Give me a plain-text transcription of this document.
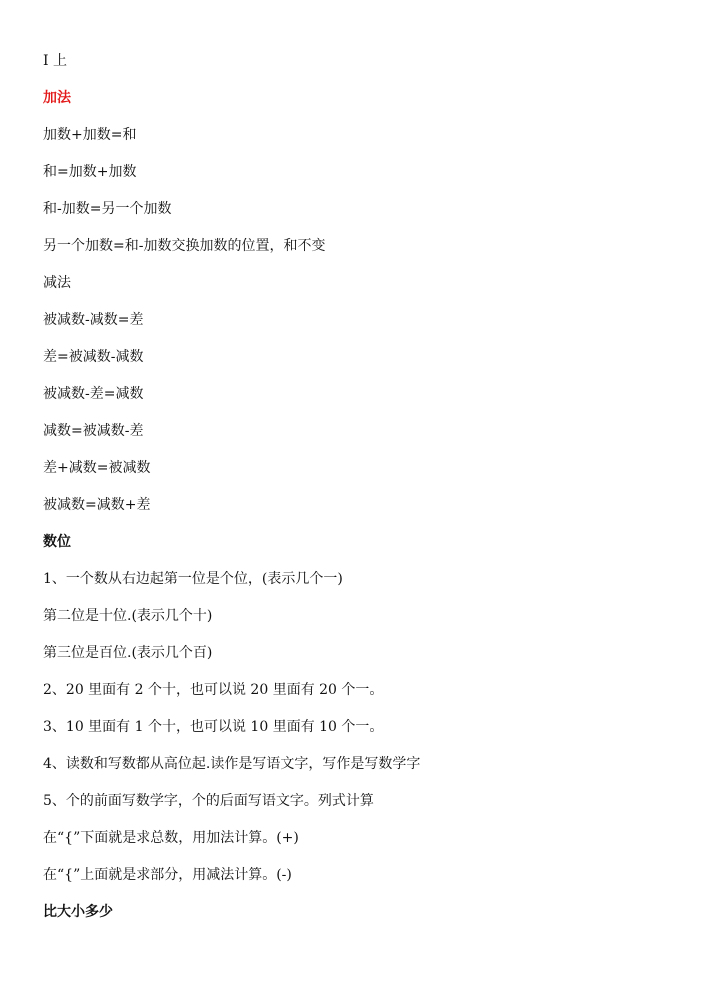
I 上
加法
加数+加数=和
和=加数+加数
和-加数=另一个加数
另一个加数=和-加数交换加数的位置，和不变
减法
被减数-减数=差
差=被减数-减数
被减数-差=减数
减数=被减数-差
差+减数=被减数
被减数=减数+差
数位
1、一个数从右边起第一位是个位，(表示几个一)
第二位是十位.(表示几个十)
第三位是百位.(表示几个百)
2、20 里面有 2 个十，也可以说 20 里面有 20 个一。
3、10 里面有 1 个十，也可以说 10 里面有 10 个一。
4、读数和写数都从高位起.读作是写语文字，写作是写数学字
5、个的前面写数学字，个的后面写语文字。列式计算
在“{”下面就是求总数，用加法计算。(+)
在“{”上面就是求部分，用减法计算。(-)
比大小多少
